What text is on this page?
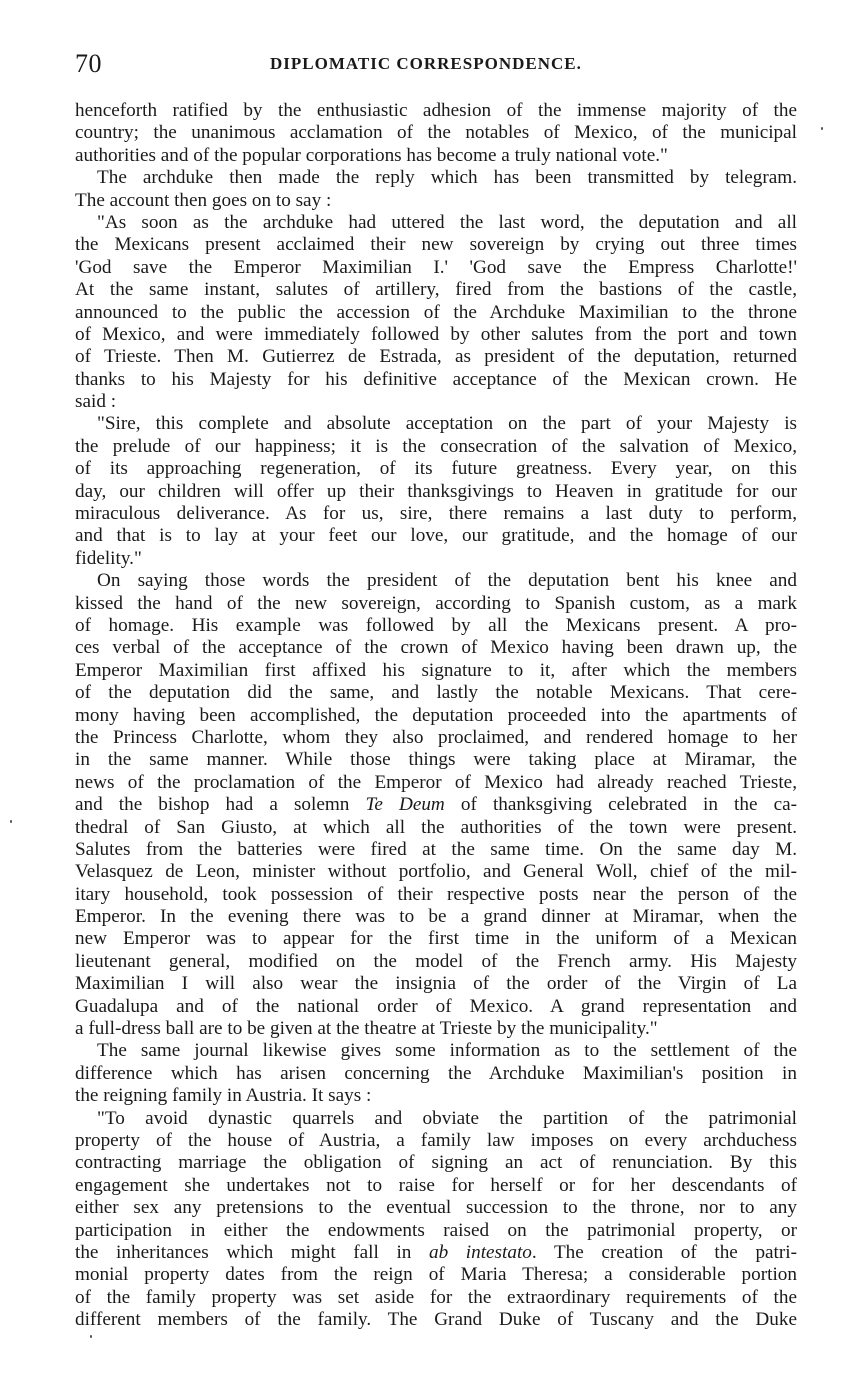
70	DIPLOMATIC CORRESPONDENCE.
henceforth ratified by the enthusiastic adhesion of the immense majority of the
country; the unanimous acclamation of the notables of Mexico, of the municipal
authorities and of the popular corporations has become a truly national vote."
The archduke then made the reply which has been transmitted by telegram.
The account then goes on to say :
"As soon as the archduke had uttered the last word, the deputation and all
the Mexicans present acclaimed their new sovereign by crying out three times
'God save the Emperor Maximilian I.' 'God save the Empress Charlotte!'
At the same instant, salutes of artillery, fired from the bastions of the castle,
announced to the public the accession of the Archduke Maximilian to the throne
of Mexico, and were immediately followed by other salutes from the port and town
of Trieste. Then M. Gutierrez de Estrada, as president of the deputation, returned
thanks to his Majesty for his definitive acceptance of the Mexican crown. He
said :
"Sire, this complete and absolute acceptation on the part of your Majesty is
the prelude of our happiness; it is the consecration of the salvation of Mexico,
of its approaching regeneration, of its future greatness. Every year, on this
day, our children will offer up their thanksgivings to Heaven in gratitude for our
miraculous deliverance. As for us, sire, there remains a last duty to perform,
and that is to lay at your feet our love, our gratitude, and the homage of our
fidelity."
On saying those words the president of the deputation bent his knee and
kissed the hand of the new sovereign, according to Spanish custom, as a mark
of homage. His example was followed by all the Mexicans present. A pro-
ces verbal of the acceptance of the crown of Mexico having been drawn up, the
Emperor Maximilian first affixed his signature to it, after which the members
of the deputation did the same, and lastly the notable Mexicans. That cere-
mony having been accomplished, the deputation proceeded into the apartments of
the Princess Charlotte, whom they also proclaimed, and rendered homage to her
in the same manner. While those things were taking place at Miramar, the
news of the proclamation of the Emperor of Mexico had already reached Trieste,
and the bishop had a solemn Te Deum of thanksgiving celebrated in the ca-
thedral of San Giusto, at which all the authorities of the town were present.
Salutes from the batteries were fired at the same time. On the same day M.
Velasquez de Leon, minister without portfolio, and General Woll, chief of the mil-
itary household, took possession of their respective posts near the person of the
Emperor. In the evening there was to be a grand dinner at Miramar, when the
new Emperor was to appear for the first time in the uniform of a Mexican
lieutenant general, modified on the model of the French army. His Majesty
Maximilian I will also wear the insignia of the order of the Virgin of La
Guadalupa and of the national order of Mexico. A grand representation and
a full-dress ball are to be given at the theatre at Trieste by the municipality."
The same journal likewise gives some information as to the settlement of the
difference which has arisen concerning the Archduke Maximilian's position in
the reigning family in Austria. It says :
"To avoid dynastic quarrels and obviate the partition of the patrimonial
property of the house of Austria, a family law imposes on every archduchess
contracting marriage the obligation of signing an act of renunciation. By this
engagement she undertakes not to raise for herself or for her descendants of
either sex any pretensions to the eventual succession to the throne, nor to any
participation in either the endowments raised on the patrimonial property, or
the inheritances which might fall in ab intestato. The creation of the patri-
monial property dates from the reign of Maria Theresa; a considerable portion
of the family property was set aside for the extraordinary requirements of the
different members of the family. The Grand Duke of Tuscany and the Duke
